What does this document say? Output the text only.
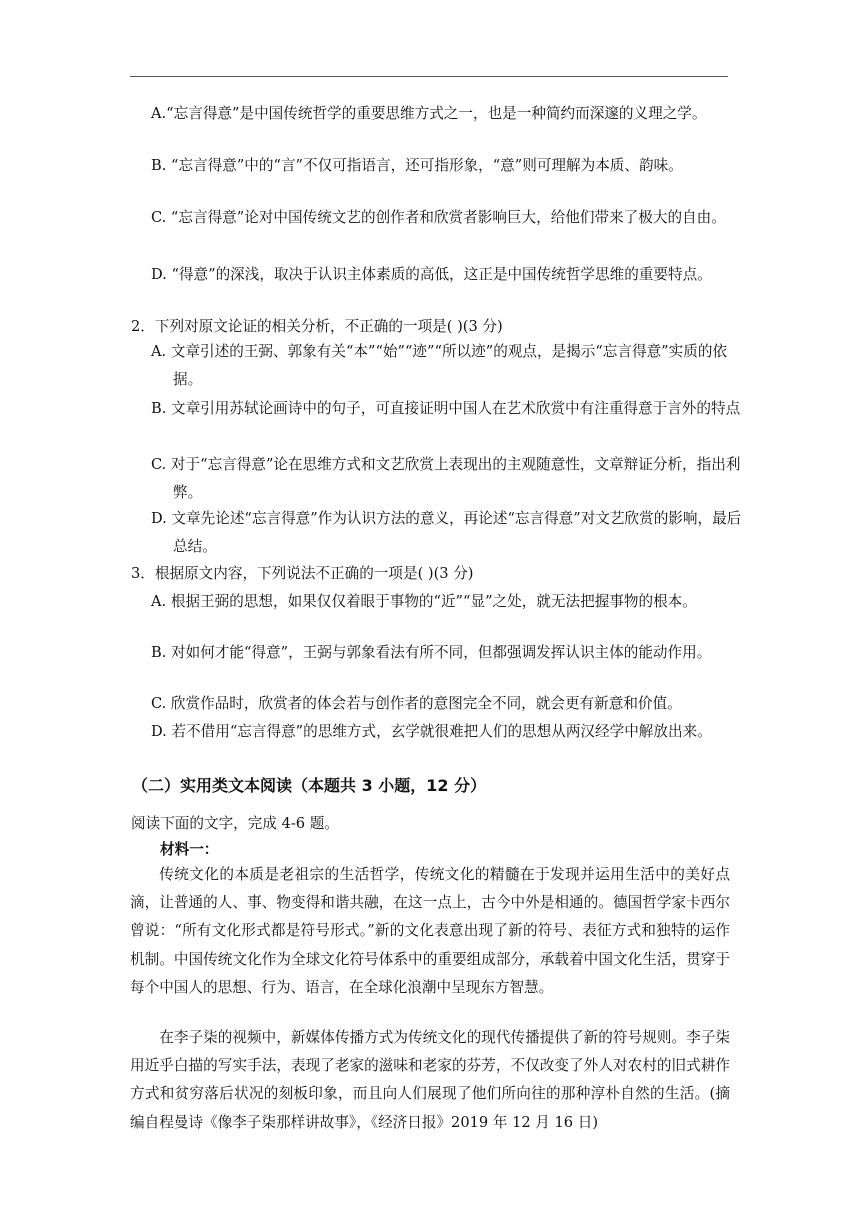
A.“忘言得意”是中国传统哲学的重要思维方式之一，也是一种简约而深邃的义理之学。
B. “忘言得意”中的“言”不仅可指语言，还可指形象，“意”则可理解为本质、韵味。
C. “忘言得意”论对中国传统文艺的创作者和欣赏者影响巨大，给他们带来了极大的自由。
D. “得意”的深浅，取决于认识主体素质的高低，这正是中国传统哲学思维的重要特点。
2．下列对原文论证的相关分析，不正确的一项是( )(3 分)
A. 文章引述的王弼、郭象有关“本”“始”“迹”“所以迹”的观点，是揭示“忘言得意”实质的依据。
B. 文章引用苏轼论画诗中的句子，可直接证明中国人在艺术欣赏中有注重得意于言外的特点
C. 对于“忘言得意”论在思维方式和文艺欣赏上表现出的主观随意性，文章辩证分析，指出利弊。
D. 文章先论述“忘言得意”作为认识方法的意义，再论述“忘言得意”对文艺欣赏的影响，最后总结。
3．根据原文内容，下列说法不正确的一项是( )(3 分)
A. 根据王弼的思想，如果仅仅着眼于事物的“近”“显”之处，就无法把握事物的根本。
B. 对如何才能“得意”，王弼与郭象看法有所不同，但都强调发挥认识主体的能动作用。
C. 欣赏作品时，欣赏者的体会若与创作者的意图完全不同，就会更有新意和价值。
D. 若不借用“忘言得意”的思维方式，玄学就很难把人们的思想从两汉经学中解放出来。
（二）实用类文本阅读（本题共 3 小题，12 分）
阅读下面的文字，完成 4-6 题。
材料一：
传统文化的本质是老祖宗的生活哲学，传统文化的精髓在于发现并运用生活中的美好点滴，让普通的人、事、物变得和谐共融，在这一点上，古今中外是相通的。德国哲学家卡西尔曾说：“所有文化形式都是符号形式。”新的文化表意出现了新的符号、表征方式和独特的运作机制。中国传统文化作为全球文化符号体系中的重要组成部分，承载着中国文化生活，贯穿于每个中国人的思想、行为、语言，在全球化浪潮中呈现东方智慧。
在李子柒的视频中，新媒体传播方式为传统文化的现代传播提供了新的符号规则。李子柒用近乎白描的写实手法，表现了老家的滋味和老家的芬芳，不仅改变了外人对农村的旧式耕作方式和贫穷落后状况的刻板印象，而且向人们展现了他们所向往的那种淳朴自然的生活。(摘编自程曼诗《像李子柒那样讲故事》，《经济日报》2019 年 12 月 16 日)
